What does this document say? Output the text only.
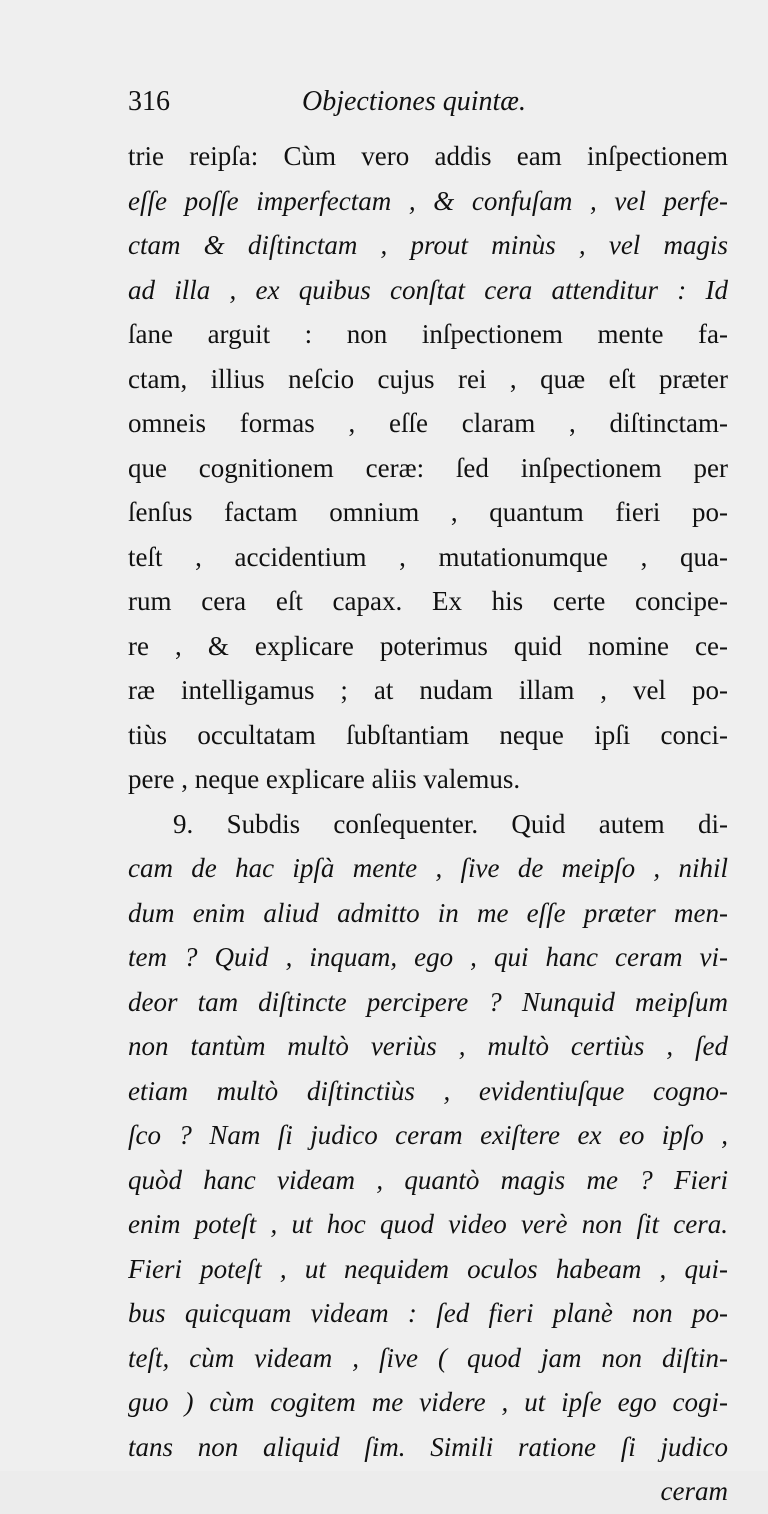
316	Objectiones quintæ.
trie reipſa: Cùm vero addis eam inſpectionem
eſſe poſſe imperfectam , & confuſam , vel perfe-
ctam & diſtinctam , prout minùs , vel magis
ad illa , ex quibus conſtat cera attenditur : Id
ſane arguit : non inſpectionem mente fa-
ctam, illius neſcio cujus rei , quæ eſt præter
omneis formas , eſſe claram , diſtinctam-
que cognitionem ceræ: ſed inſpectionem per
ſenſus factam omnium , quantum fieri po-
teſt , accidentium , mutationumque , qua-
rum cera eſt capax. Ex his certe concipe-
re , & explicare poterimus quid nomine ce-
ræ intelligamus ; at nudam illam , vel po-
tiùs occultatam ſubſtantiam neque ipſi conci-
pere , neque explicare aliis valemus.
9. Subdis conſequenter. Quid autem di-
cam de hac ipſà mente , ſive de meipſo , nihil
dum enim aliud admitto in me eſſe præter men-
tem ? Quid , inquam, ego , qui hanc ceram vi-
deor tam diſtincte percipere ? Nunquid meipſum
non tantùm multò veriùs , multò certiùs , ſed
etiam multò diſtinctiùs , evidentiuſque cogno-
ſco ? Nam ſi judico ceram exiſtere ex eo ipſo ,
quòd hanc videam , quantò magis me ? Fieri
enim poteſt , ut hoc quod video verè non ſit cera.
Fieri poteſt , ut nequidem oculos habeam , qui-
bus quicquam videam : ſed fieri planè non po-
teſt, cùm videam , ſive ( quod jam non diſtin-
guo ) cùm cogitem me videre , ut ipſe ego cogi-
tans non aliquid ſim. Simili ratione ſi judico
ceram
